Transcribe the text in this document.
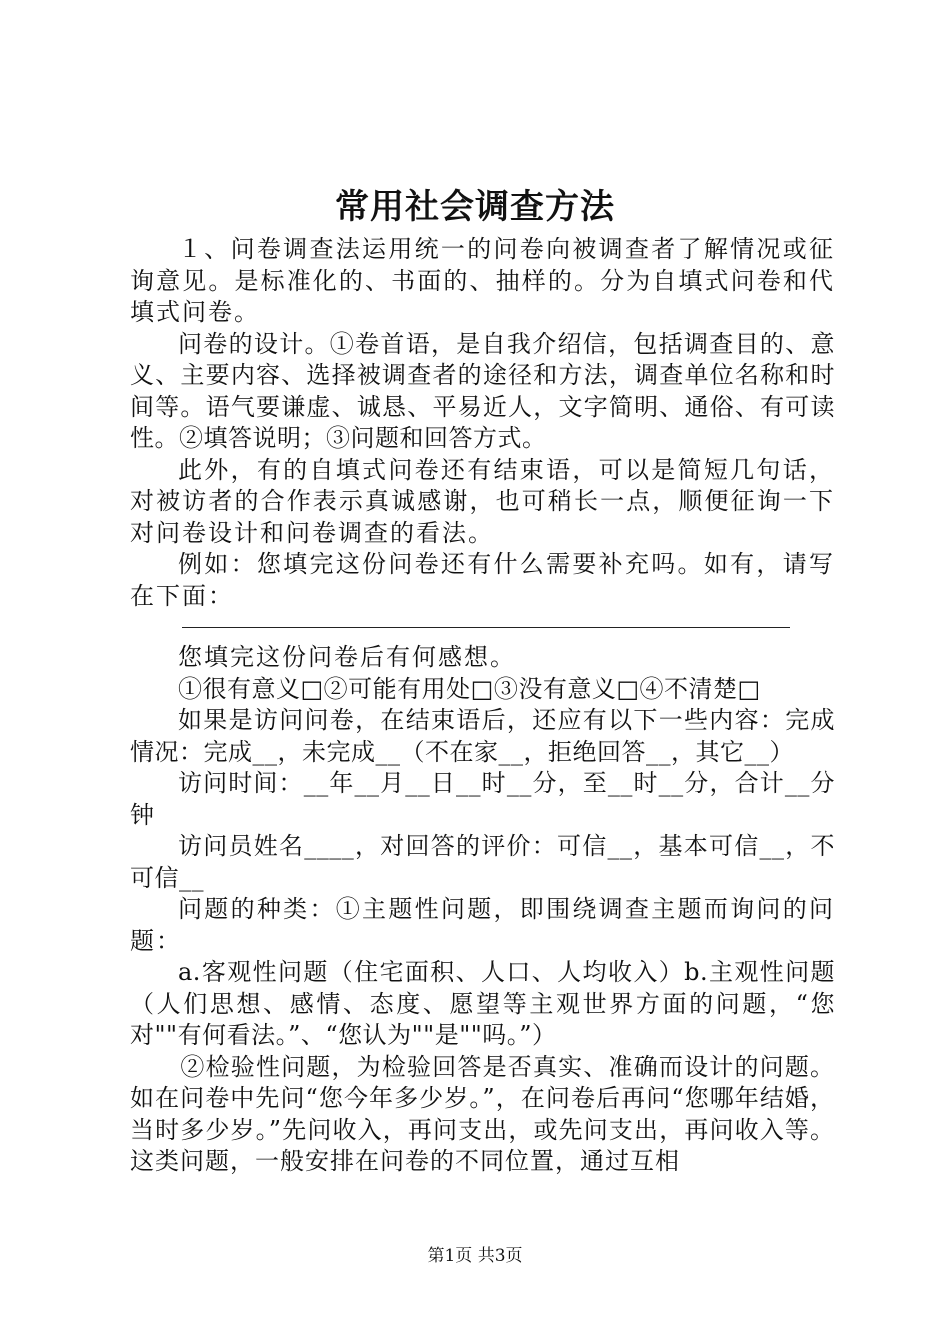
常用社会调查方法

１、问卷调查法运用统一的问卷向被调查者了解情况或征询意见。是标准化的、书面的、抽样的。分为自填式问卷和代填式问卷。

问卷的设计。①卷首语，是自我介绍信，包括调查目的、意义、主要内容、选择被调查者的途径和方法，调查单位名称和时间等。语气要谦虚、诚恳、平易近人，文字简明、通俗、有可读性。②填答说明；③问题和回答方式。

此外，有的自填式问卷还有结束语，可以是简短几句话，对被访者的合作表示真诚感谢，也可稍长一点，顺便征询一下对问卷设计和问卷调查的看法。

例如：您填完这份问卷还有什么需要补充吗。如有，请写在下面：

您填完这份问卷后有何感想。

①很有意义□②可能有用处□③没有意义□④不清楚□

如果是访问问卷，在结束语后，还应有以下一些内容：完成情况：完成__，未完成__（不在家__，拒绝回答__，其它__）

访问时间：__年__月__日__时__分，至__时__分，合计__分钟

访问员姓名____，对回答的评价：可信__，基本可信__，不可信__

问题的种类：①主题性问题，即围绕调查主题而询问的问题：

a.客观性问题（住宅面积、人口、人均收入）b.主观性问题（人们思想、感情、态度、愿望等主观世界方面的问题，“您对""有何看法。”、“您认为""是""吗。”）

②检验性问题，为检验回答是否真实、准确而设计的问题。如在问卷中先问“您今年多少岁。”，在问卷后再问“您哪年结婚，当时多少岁。”先问收入，再问支出，或先问支出，再问收入等。这类问题，一般安排在问卷的不同位置，通过互相

第1页 共3页
